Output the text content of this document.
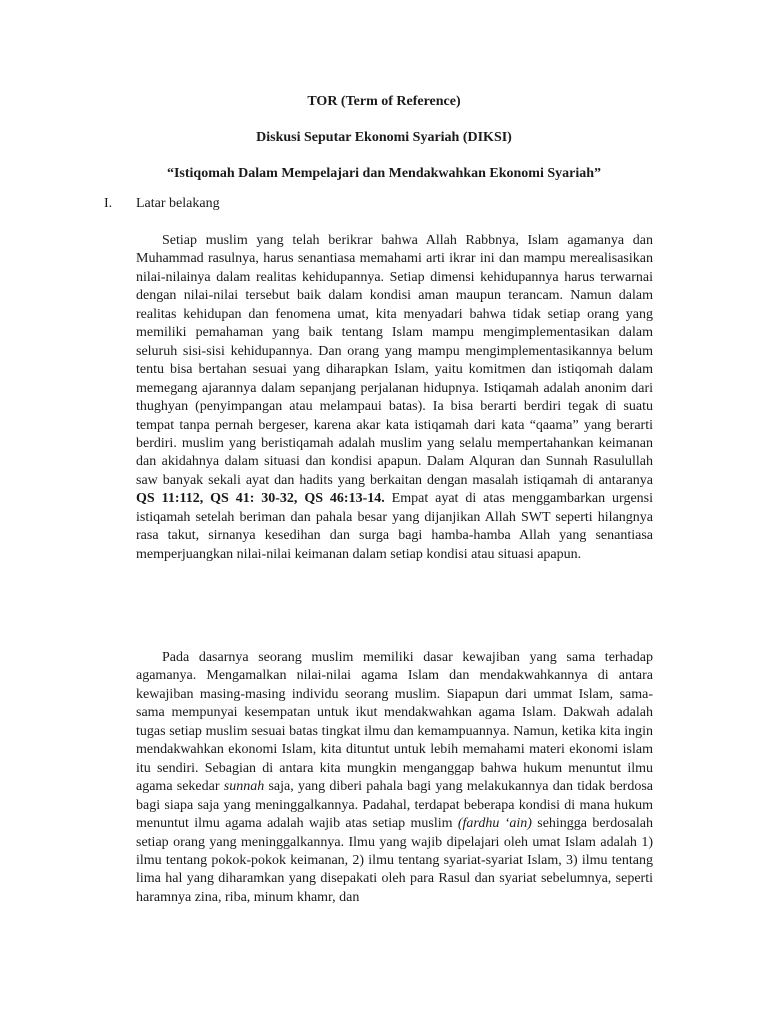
TOR (Term of Reference)

Diskusi Seputar Ekonomi Syariah (DIKSI)

“Istiqomah Dalam Mempelajari dan Mendakwahkan Ekonomi Syariah”

I. Latar belakang

Setiap muslim yang telah berikrar bahwa Allah Rabbnya, Islam agamanya dan Muhammad rasulnya, harus senantiasa memahami arti ikrar ini dan mampu merealisasikan nilai-nilainya dalam realitas kehidupannya. Setiap dimensi kehidupannya harus terwarnai dengan nilai-nilai tersebut baik dalam kondisi aman maupun terancam. Namun dalam realitas kehidupan dan fenomena umat, kita menyadari bahwa tidak setiap orang yang memiliki pemahaman yang baik tentang Islam mampu mengimplementasikan dalam seluruh sisi-sisi kehidupannya. Dan orang yang mampu mengimplementasikannya belum tentu bisa bertahan sesuai yang diharapkan Islam, yaitu komitmen dan istiqomah dalam memegang ajarannya dalam sepanjang perjalanan hidupnya. Istiqamah adalah anonim dari thughyan (penyimpangan atau melampaui batas). Ia bisa berarti berdiri tegak di suatu tempat tanpa pernah bergeser, karena akar kata istiqamah dari kata “qaama” yang berarti berdiri. muslim yang beristiqamah adalah muslim yang selalu mempertahankan keimanan dan akidahnya dalam situasi dan kondisi apapun. Dalam Alquran dan Sunnah Rasulullah saw banyak sekali ayat dan hadits yang berkaitan dengan masalah istiqamah di antaranya QS 11:112, QS 41: 30-32, QS 46:13-14. Empat ayat di atas menggambarkan urgensi istiqamah setelah beriman dan pahala besar yang dijanjikan Allah SWT seperti hilangnya rasa takut, sirnanya kesedihan dan surga bagi hamba-hamba Allah yang senantiasa memperjuangkan nilai-nilai keimanan dalam setiap kondisi atau situasi apapun.

Pada dasarnya seorang muslim memiliki dasar kewajiban yang sama terhadap agamanya. Mengamalkan nilai-nilai agama Islam dan mendakwahkannya di antara kewajiban masing-masing individu seorang muslim. Siapapun dari ummat Islam, sama-sama mempunyai kesempatan untuk ikut mendakwahkan agama Islam. Dakwah adalah tugas setiap muslim sesuai batas tingkat ilmu dan kemampuannya. Namun, ketika kita ingin mendakwahkan ekonomi Islam, kita dituntut untuk lebih memahami materi ekonomi islam itu sendiri. Sebagian di antara kita mungkin menganggap bahwa hukum menuntut ilmu agama sekedar sunnah saja, yang diberi pahala bagi yang melakukannya dan tidak berdosa bagi siapa saja yang meninggalkannya. Padahal, terdapat beberapa kondisi di mana hukum menuntut ilmu agama adalah wajib atas setiap muslim (fardhu ‘ain) sehingga berdosalah setiap orang yang meninggalkannya. Ilmu yang wajib dipelajari oleh umat Islam adalah 1) ilmu tentang pokok-pokok keimanan, 2) ilmu tentang syariat-syariat Islam, 3) ilmu tentang lima hal yang diharamkan yang disepakati oleh para Rasul dan syariat sebelumnya, seperti haramnya zina, riba, minum khamr, dan
